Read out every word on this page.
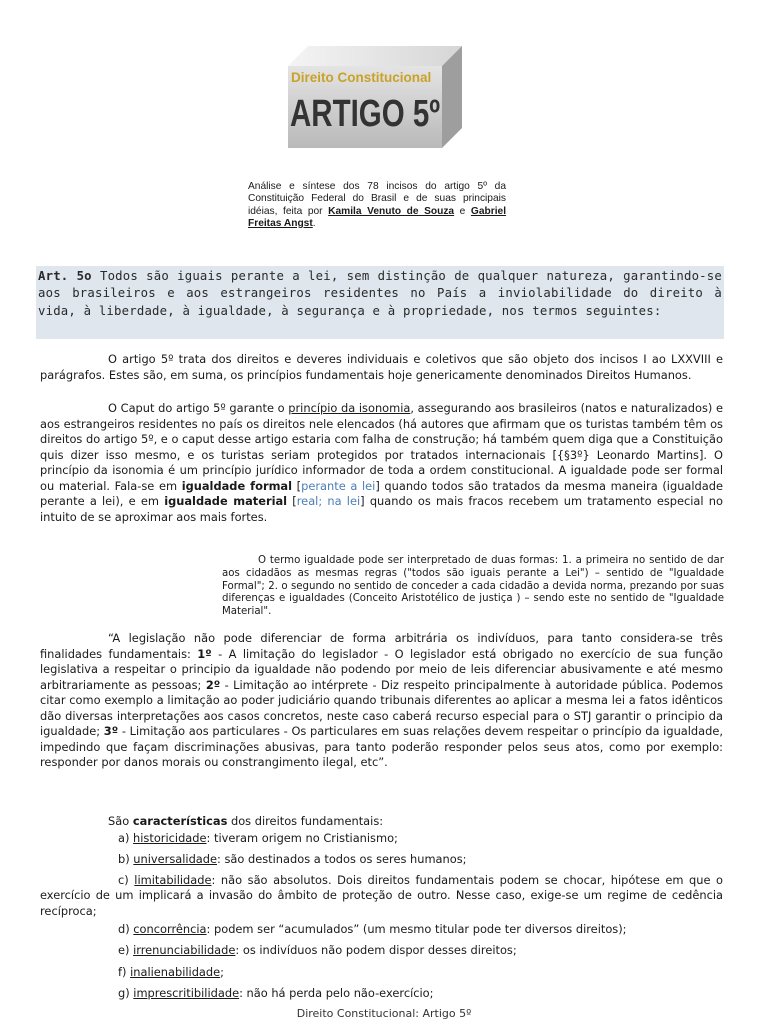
Direito Constitucional
ARTIGO 5º
Análise e síntese dos 78 incisos do artigo 5º da Constituição Federal do Brasil e de suas principais idéias, feita por Kamila Venuto de Souza e Gabriel Freitas Angst.
Art. 5o Todos são iguais perante a lei, sem distinção de qualquer natureza, garantindo-se aos brasileiros e aos estrangeiros residentes no País a inviolabilidade do direito à vida, à liberdade, à igualdade, à segurança e à propriedade, nos termos seguintes:
O artigo 5º trata dos direitos e deveres individuais e coletivos que são objeto dos incisos I ao LXXVIII e parágrafos. Estes são, em suma, os princípios fundamentais hoje genericamente denominados Direitos Humanos.
O Caput do artigo 5º garante o princípio da isonomia, assegurando aos brasileiros (natos e naturalizados) e aos estrangeiros residentes no país os direitos nele elencados (há autores que afirmam que os turistas também têm os direitos do artigo 5º, e o caput desse artigo estaria com falha de construção; há também quem diga que a Constituição quis dizer isso mesmo, e os turistas seriam protegidos por tratados internacionais [{§3º} Leonardo Martins]. O princípio da isonomia é um princípio jurídico informador de toda a ordem constitucional. A igualdade pode ser formal ou material. Fala-se em igualdade formal [perante a lei] quando todos são tratados da mesma maneira (igualdade perante a lei), e em igualdade material [real; na lei] quando os mais fracos recebem um tratamento especial no intuito de se aproximar aos mais fortes.
O termo igualdade pode ser interpretado de duas formas: 1. a primeira no sentido de dar aos cidadãos as mesmas regras ("todos são iguais perante a Lei") – sentido de "Igualdade Formal"; 2. o segundo no sentido de conceder a cada cidadão a devida norma, prezando por suas diferenças e igualdades (Conceito Aristotélico de justiça ) – sendo este no sentido de "Igualdade Material".
“A legislação não pode diferenciar de forma arbitrária os indivíduos, para tanto considera-se três finalidades fundamentais: 1º - A limitação do legislador - O legislador está obrigado no exercício de sua função legislativa a respeitar o principio da igualdade não podendo por meio de leis diferenciar abusivamente e até mesmo arbitrariamente as pessoas; 2º - Limitação ao intérprete - Diz respeito principalmente à autoridade pública. Podemos citar como exemplo a limitação ao poder judiciário quando tribunais diferentes ao aplicar a mesma lei a fatos idênticos dão diversas interpretações aos casos concretos, neste caso caberá recurso especial para o STJ garantir o principio da igualdade; 3º - Limitação aos particulares - Os particulares em suas relações devem respeitar o princípio da igualdade, impedindo que façam discriminações abusivas, para tanto poderão responder pelos seus atos, como por exemplo: responder por danos morais ou constrangimento ilegal, etc”.
São características dos direitos fundamentais:
a) historicidade: tiveram origem no Cristianismo;
b) universalidade: são destinados a todos os seres humanos;
c) limitabilidade: não são absolutos. Dois direitos fundamentais podem se chocar, hipótese em que o exercício de um implicará a invasão do âmbito de proteção de outro. Nesse caso, exige-se um regime de cedência recíproca;
d) concorrência: podem ser “acumulados” (um mesmo titular pode ter diversos direitos);
e) irrenunciabilidade: os indivíduos não podem dispor desses direitos;
f) inalienabilidade;
g) imprescritibilidade: não há perda pelo não-exercício;
Direito Constitucional: Artigo 5º
